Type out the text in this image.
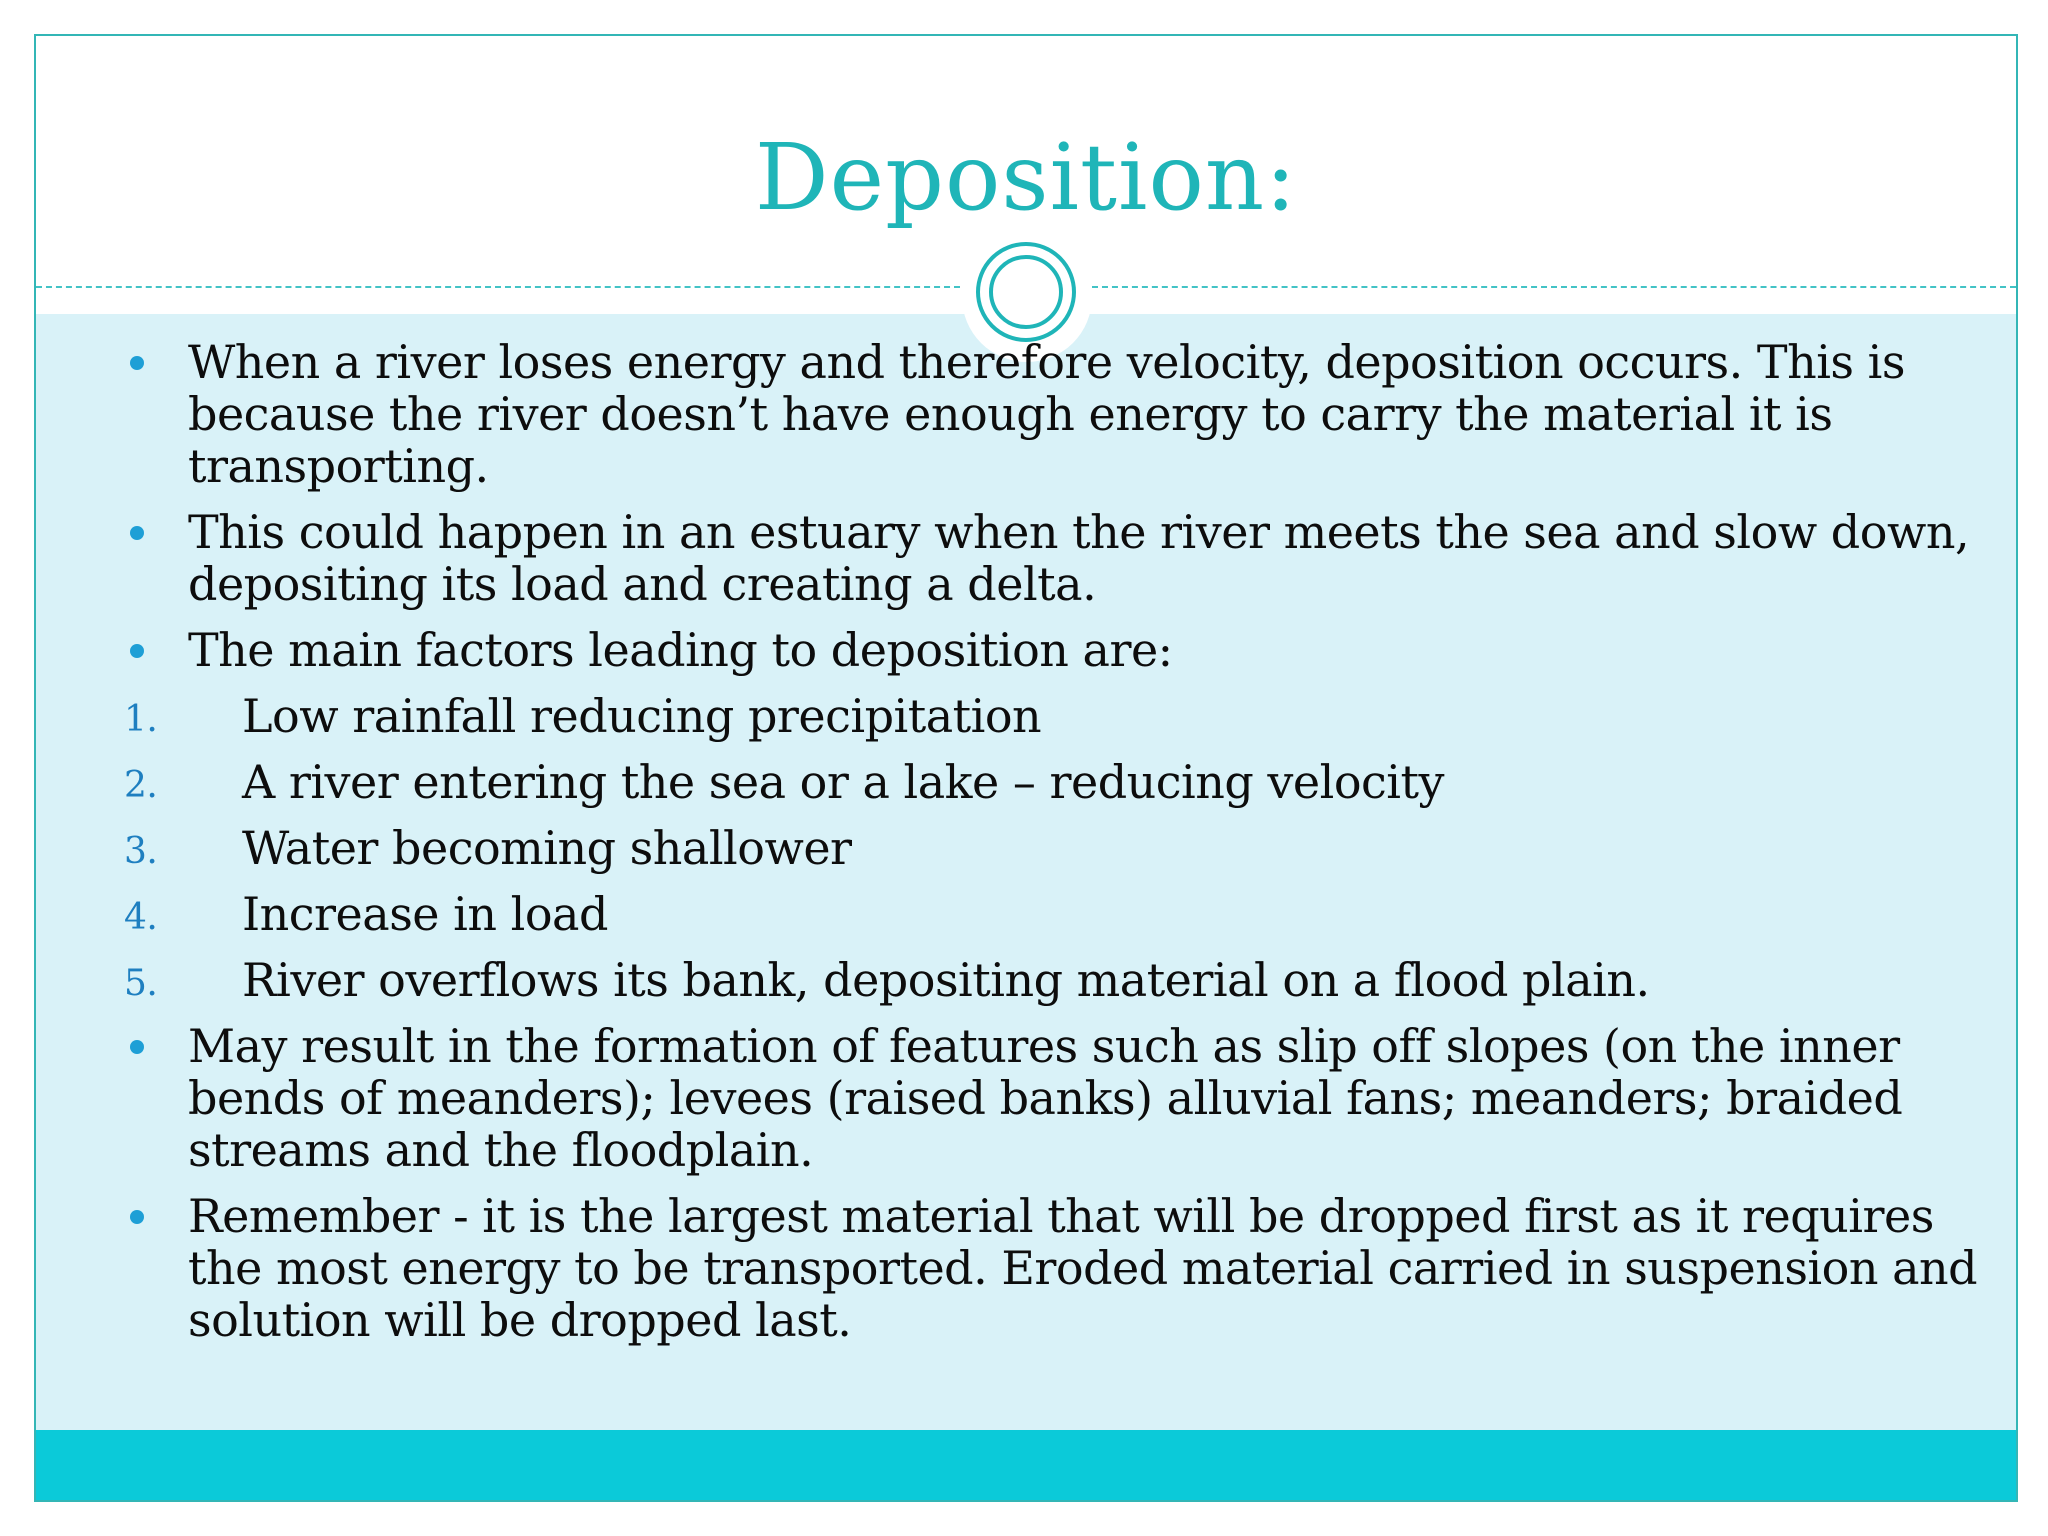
Deposition:
When a river loses energy and therefore velocity, deposition occurs. This is because the river doesn’t have enough energy to carry the material it is transporting.
This could happen in an estuary when the river meets the sea and slow down, depositing its load and creating a delta.
The main factors leading to deposition are:
1. Low rainfall reducing precipitation
2. A river entering the sea or a lake – reducing velocity
3. Water becoming shallower
4. Increase in load
5. River overflows its bank, depositing material on a flood plain.
May result in the formation of features such as slip off slopes (on the inner bends of meanders); levees (raised banks) alluvial fans; meanders; braided streams and the floodplain.
Remember - it is the largest material that will be dropped first as it requires the most energy to be transported. Eroded material carried in suspension and solution will be dropped last.
